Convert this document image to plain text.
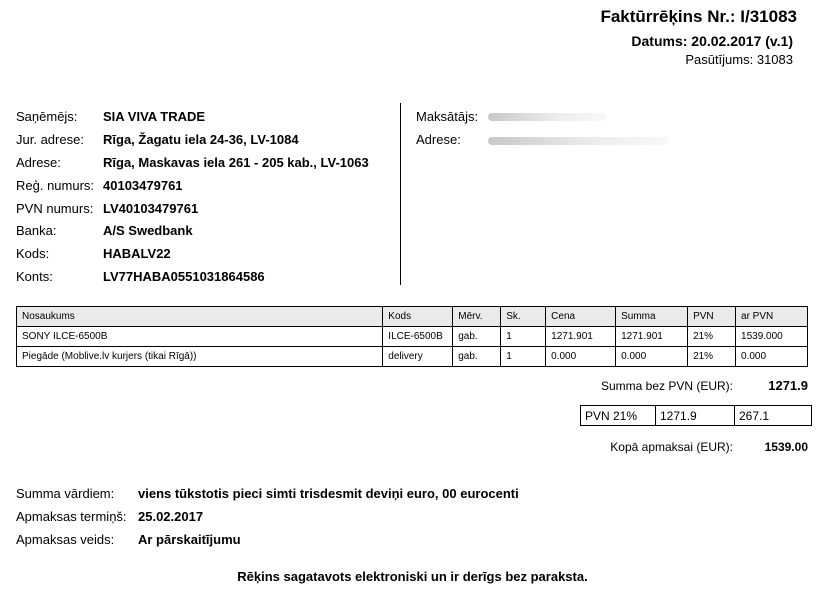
Faktūrrēķins Nr.: I/31083
Datums: 20.02.2017 (v.1)
Pasūtījums: 31083
Saņēmējs: SIA VIVA TRADE
Jur. adrese: Rīga, Žagatu iela 24-36, LV-1084
Adrese:	Rīga, Maskavas iela 261 - 205 kab., LV-1063
Reģ. numurs: 40103479761
PVN numurs: LV40103479761
Banka:	A/S Swedbank
Kods:	HABALV22
Konts:	LV77HABA0551031864586
Maksātājs:
Adrese:
Nosaukums	Kods	Mērv.	Sk.	Cena	Summa	PVN	ar PVN
SONY ILCE-6500B	ILCE-6500B	gab.	1	1271.901	1271.901	21%	1539.000
Piegāde (Moblive.lv kurjers (tikai Rīgā))	delivery	gab.	1	0.000	0.000	21%	0.000
Summa bez PVN (EUR):	1271.9
PVN 21%	1271.9	267.1
Kopā apmaksai (EUR):	1539.00
Summa vārdiem: viens tūkstotis pieci simti trisdesmit deviņi euro, 00 eurocenti
Apmaksas termiņš: 25.02.2017
Apmaksas veids: Ar pārskaitījumu
Rēķins sagatavots elektroniski un ir derīgs bez paraksta.
